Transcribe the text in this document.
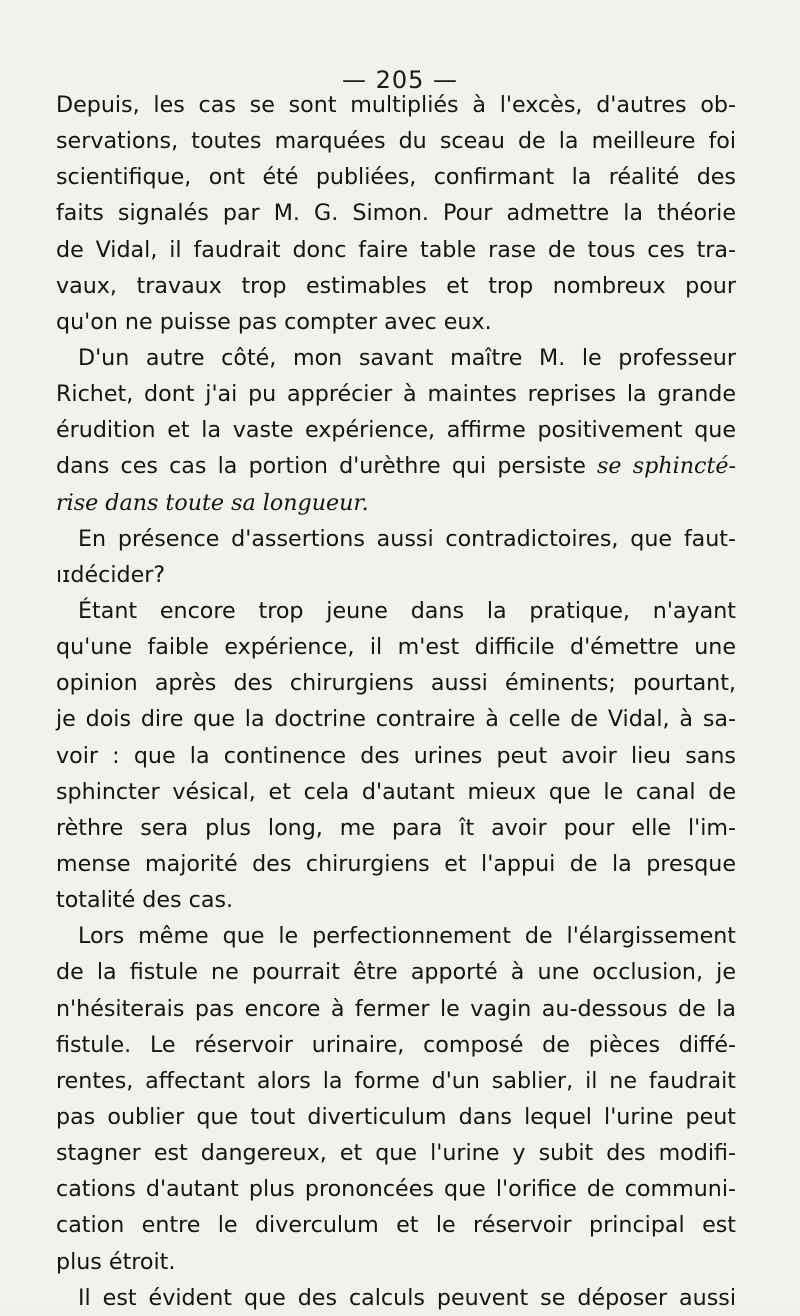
— 205 —
Depuis, les cas se sont multipliés à l'excès, d'autres ob-
servations, toutes marquées du sceau de la meilleure foi
scientifique, ont été publiées, confirmant la réalité des
faits signalés par M. G. Simon. Pour admettre la théorie
de Vidal, il faudrait donc faire table rase de tous ces tra-
vaux, travaux trop estimables et trop nombreux pour
qu'on ne puisse pas compter avec eux.
D'un autre côté, mon savant maître M. le professeur
Richet, dont j'ai pu apprécier à maintes reprises la grande
érudition et la vaste expérience, affirme positivement que
dans ces cas la portion d'urèthre qui persiste se sphincté-
rise dans toute sa longueur.
En présence d'assertions aussi contradictoires, que faut-
ıɪdécider?
Étant encore trop jeune dans la pratique, n'ayant
qu'une faible expérience, il m'est difficile d'émettre une
opinion après des chirurgiens aussi éminents; pourtant,
je dois dire que la doctrine contraire à celle de Vidal, à sa-
voir : que la continence des urines peut avoir lieu sans
sphincter vésical, et cela d'autant mieux que le canal de
rèthre sera plus long, me para ît avoir pour elle l'im-
mense majorité des chirurgiens et l'appui de la presque
totalité des cas.
Lors même que le perfectionnement de l'élargissement
de la fistule ne pourrait être apporté à une occlusion, je
n'hésiterais pas encore à fermer le vagin au-dessous de la
fistule. Le réservoir urinaire, composé de pièces diffé-
rentes, affectant alors la forme d'un sablier, il ne faudrait
pas oublier que tout diverticulum dans lequel l'urine peut
stagner est dangereux, et que l'urine y subit des modifi-
cations d'autant plus prononcées que l'orifice de communi-
cation entre le diverculum et le réservoir principal est
plus étroit.
Il est évident que des calculs peuvent se déposer aussi
